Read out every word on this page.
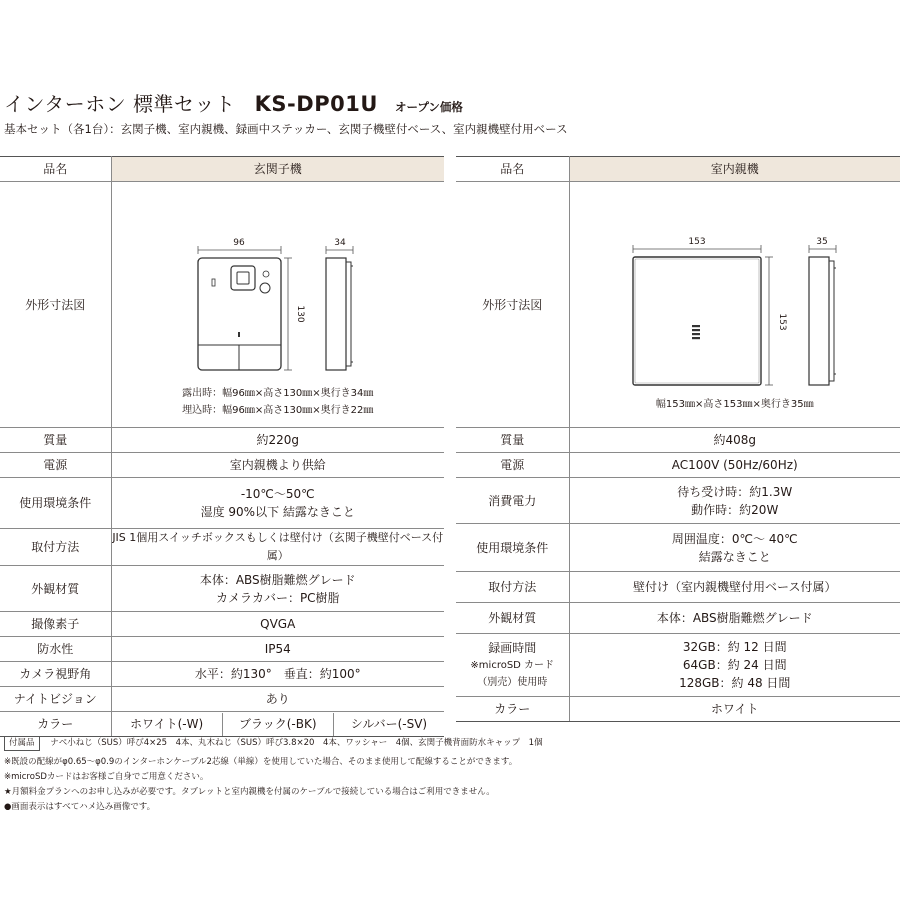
インターホン 標準セット KS-DP01U オープン価格
基本セット（各1台）：玄関子機、室内親機、録画中ステッカー、玄関子機壁付ベース、室内親機壁付用ベース
品名	玄関子機
外形寸法図	96
130
34
露出時：幅96㎜×高さ130㎜×奥行き34㎜
埋込時：幅96㎜×高さ130㎜×奥行き22㎜

質量	約220g
電源	室内親機より供給
使用環境条件	-10℃～50℃
湿度 90%以下 結露なきこと

取付方法	JIS 1個用スイッチボックスもしくは壁付け（玄関子機壁付ベース付属）
外観材質	本体：ABS樹脂難燃グレード
カメラカバー：PC樹脂

撮像素子	QVGA
防水性	IP54
カメラ視野角	水平：約130°　垂直：約100°
ナイトビジョン	あり
カラー	ホワイト(-W) ブラック(-BK) シルバー(-SV)
品名	室内親機
外形寸法図	153
153
35
幅153㎜×高さ153㎜×奥行き35㎜

質量	約408g
電源	AC100V (50Hz/60Hz)
消費電力	待ち受け時：約1.3W
動作時：約20W

使用環境条件	周囲温度：0℃～ 40℃
結露なきこと

取付方法	壁付け（室内親機壁付用ベース付属）
外観材質	本体：ABS樹脂難燃グレード

録画時間
※microSD カード
（別売）使用時	32GB：約 12 日間
64GB：約 24 日間
128GB：約 48 日間

カラー	ホワイト
付属品 ナベ小ねじ（SUS）呼び4×25　4本、丸木ねじ（SUS）呼び3.8×20　4本、ワッシャー　4個、玄関子機背面防水キャップ　1個
※既設の配線がφ0.65～φ0.9のインターホンケーブル2芯線（単線）を使用していた場合、そのまま使用して配線することができます。
※microSDカードはお客様ご自身でご用意ください。
★月額料金プランへのお申し込みが必要です。タブレットと室内親機を付属のケーブルで接続している場合はご利用できません。
●画面表示はすべてハメ込み画像です。
